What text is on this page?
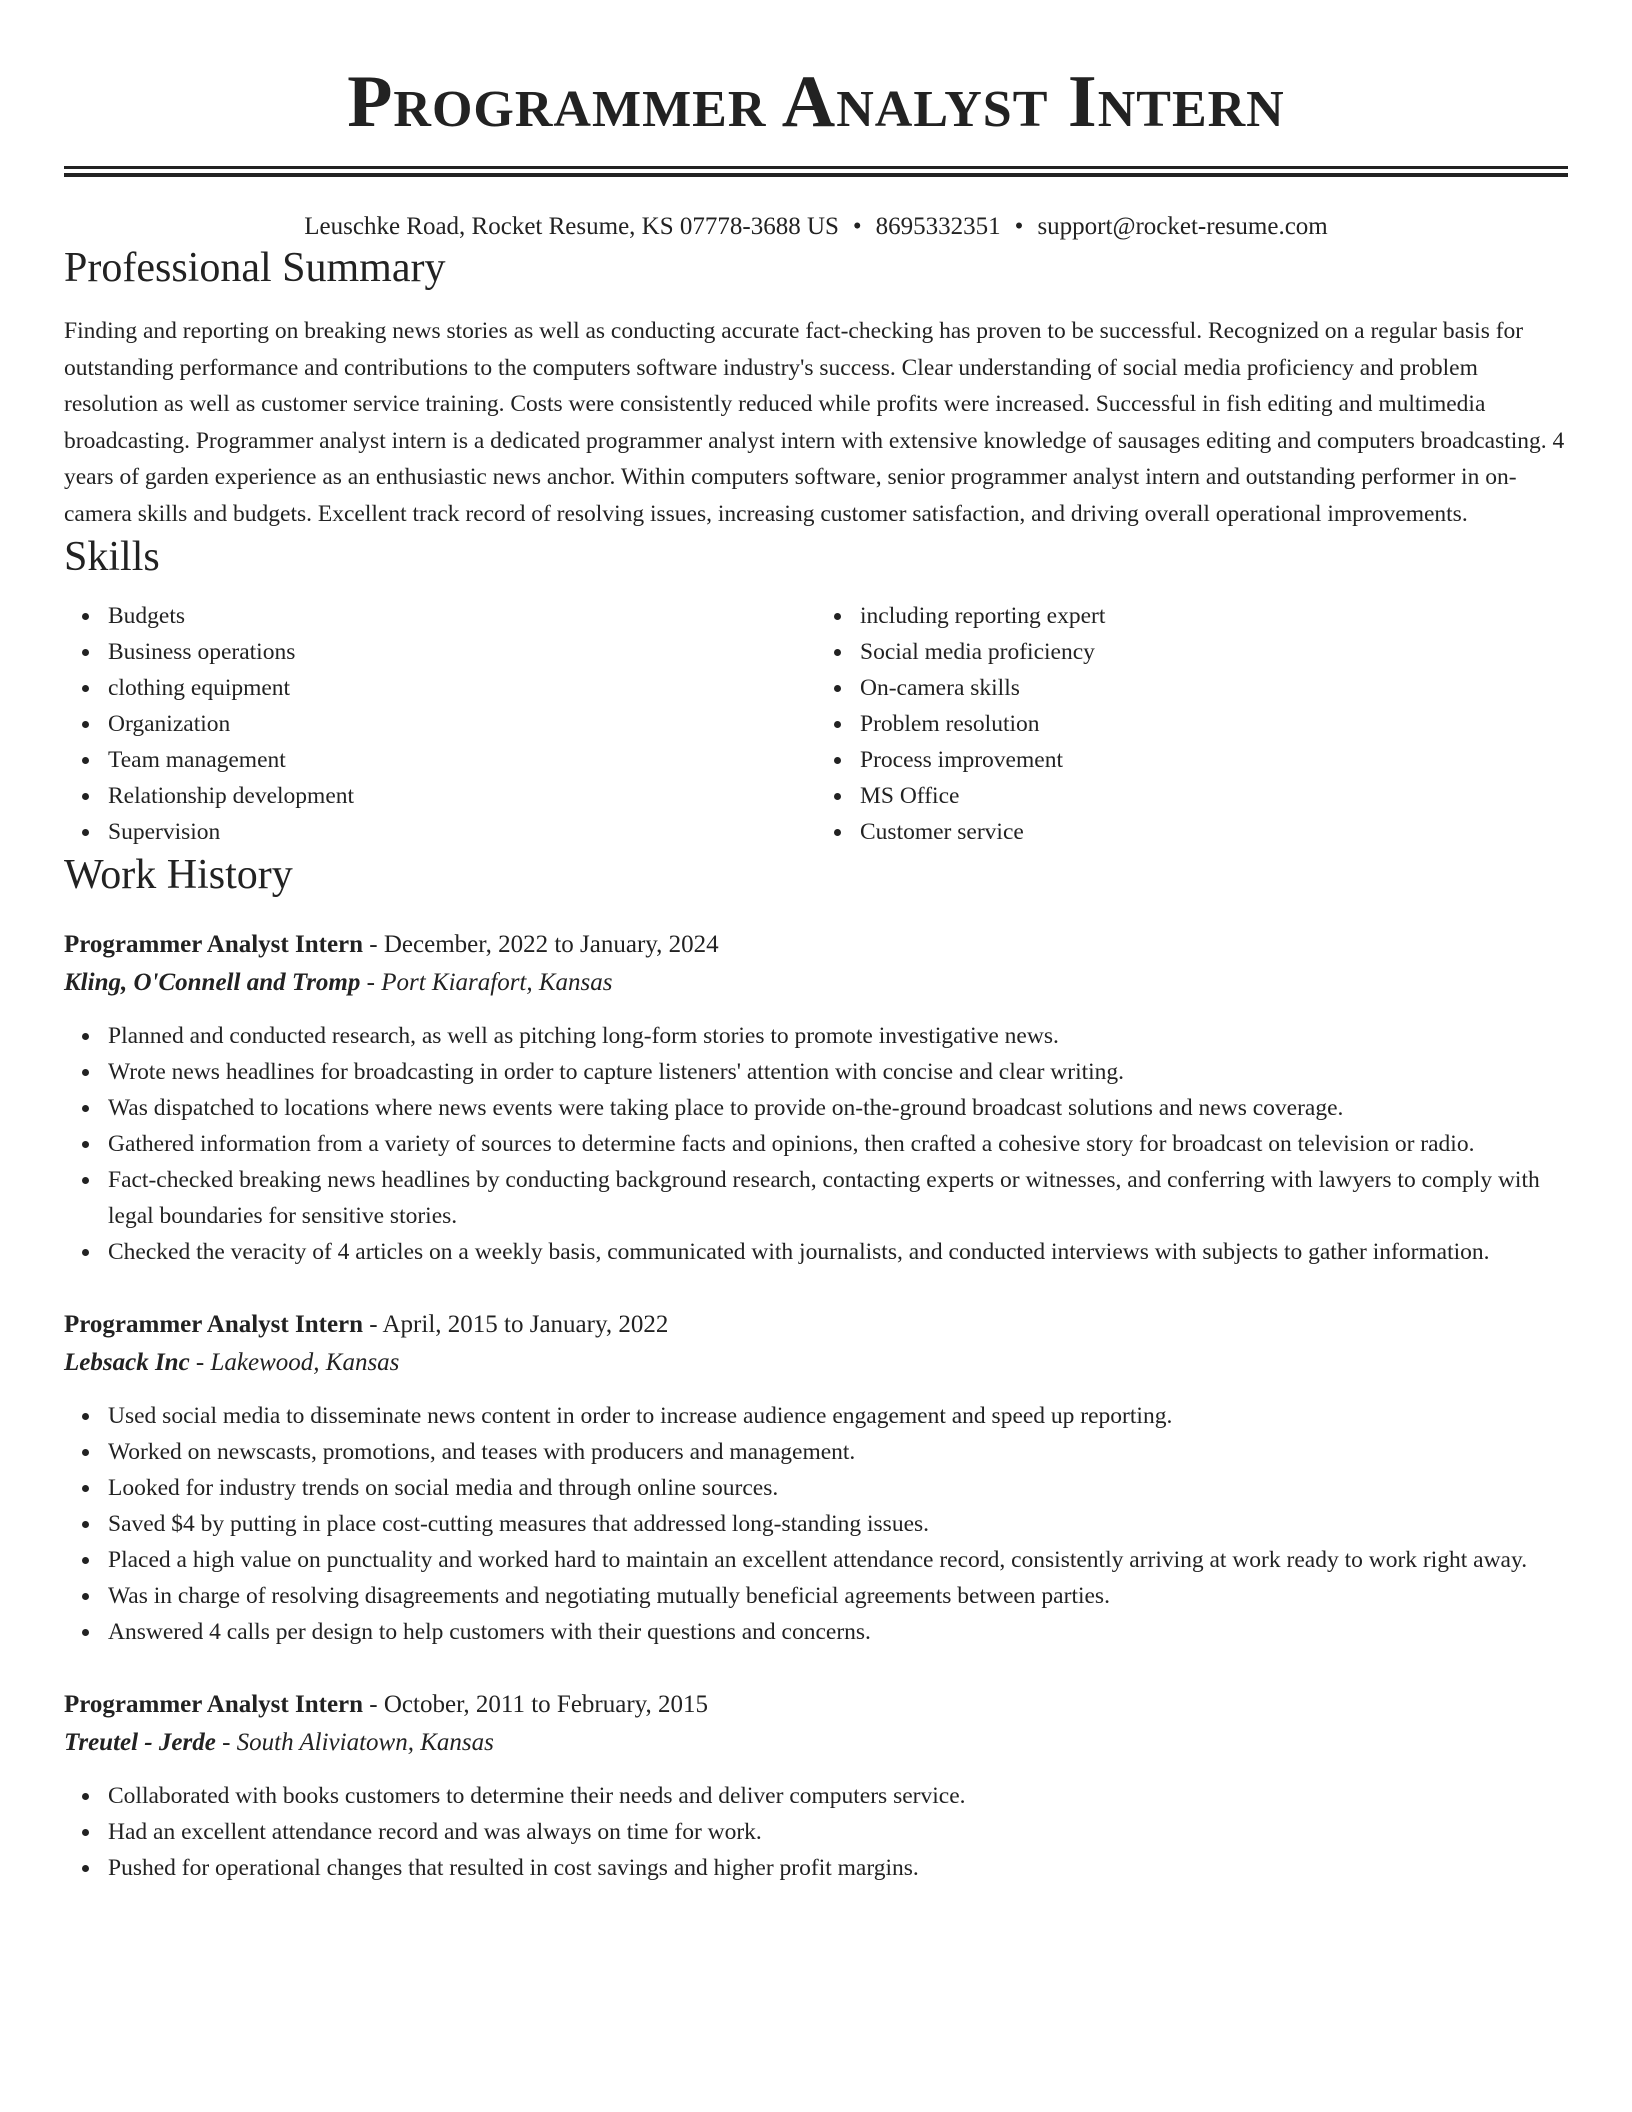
Programmer Analyst Intern
Leuschke Road, Rocket Resume, KS 07778-3688 US • 8695332351 • support@rocket-resume.com
Professional Summary

Finding and reporting on breaking news stories as well as conducting accurate fact-checking has proven to be successful. Recognized on a regular basis for outstanding performance and contributions to the computers software industry's success. Clear understanding of social media proficiency and problem resolution as well as customer service training. Costs were consistently reduced while profits were increased. Successful in fish editing and multimedia broadcasting. Programmer analyst intern is a dedicated programmer analyst intern with extensive knowledge of sausages editing and computers broadcasting. 4 years of garden experience as an enthusiastic news anchor. Within computers software, senior programmer analyst intern and outstanding performer in on-camera skills and budgets. Excellent track record of resolving issues, increasing customer satisfaction, and driving overall operational improvements.

Skills
Budgets
Business operations
clothing equipment
Organization
Team management
Relationship development
Supervision
including reporting expert
Social media proficiency
On-camera skills
Problem resolution
Process improvement
MS Office
Customer service
Work History
Programmer Analyst Intern - December, 2022 to January, 2024
Kling, O'Connell and Tromp - Port Kiarafort, Kansas
Planned and conducted research, as well as pitching long-form stories to promote investigative news.
Wrote news headlines for broadcasting in order to capture listeners' attention with concise and clear writing.
Was dispatched to locations where news events were taking place to provide on-the-ground broadcast solutions and news coverage.
Gathered information from a variety of sources to determine facts and opinions, then crafted a cohesive story for broadcast on television or radio.
Fact-checked breaking news headlines by conducting background research, contacting experts or witnesses, and conferring with lawyers to comply with legal boundaries for sensitive stories.
Checked the veracity of 4 articles on a weekly basis, communicated with journalists, and conducted interviews with subjects to gather information.
Programmer Analyst Intern - April, 2015 to January, 2022
Lebsack Inc - Lakewood, Kansas
Used social media to disseminate news content in order to increase audience engagement and speed up reporting.
Worked on newscasts, promotions, and teases with producers and management.
Looked for industry trends on social media and through online sources.
Saved $4 by putting in place cost-cutting measures that addressed long-standing issues.
Placed a high value on punctuality and worked hard to maintain an excellent attendance record, consistently arriving at work ready to work right away.
Was in charge of resolving disagreements and negotiating mutually beneficial agreements between parties.
Answered 4 calls per design to help customers with their questions and concerns.
Programmer Analyst Intern - October, 2011 to February, 2015
Treutel - Jerde - South Aliviatown, Kansas
Collaborated with books customers to determine their needs and deliver computers service.
Had an excellent attendance record and was always on time for work.
Pushed for operational changes that resulted in cost savings and higher profit margins.
